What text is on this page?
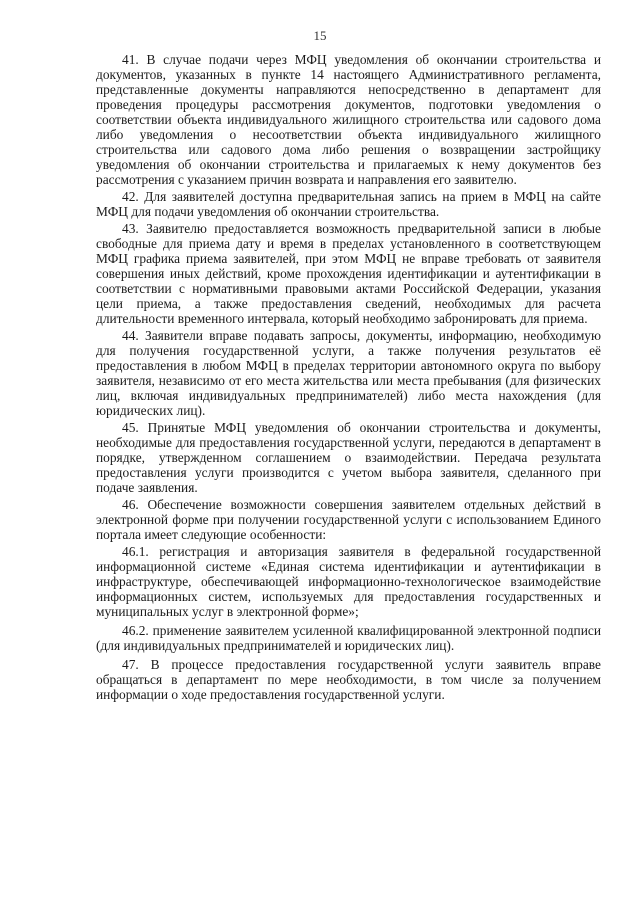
15

41. В случае подачи через МФЦ уведомления об окончании строительства и документов, указанных в пункте 14 настоящего Административного регламента, представленные документы направляются непосредственно в департамент для проведения процедуры рассмотрения документов, подготовки уведомления о соответствии объекта индивидуального жилищного строительства или садового дома либо уведомления о несоответствии объекта индивидуального жилищного строительства или садового дома либо решения о возвращении застройщику уведомления об окончании строительства и прилагаемых к нему документов без рассмотрения с указанием причин возврата и направления его заявителю.

42. Для заявителей доступна предварительная запись на прием в МФЦ на сайте МФЦ для подачи уведомления об окончании строительства.

43. Заявителю предоставляется возможность предварительной записи в любые свободные для приема дату и время в пределах установленного в соответствующем МФЦ графика приема заявителей, при этом МФЦ не вправе требовать от заявителя совершения иных действий, кроме прохождения идентификации и аутентификации в соответствии с нормативными правовыми актами Российской Федерации, указания цели приема, а также предоставления сведений, необходимых для расчета длительности временного интервала, который необходимо забронировать для приема.

44. Заявители вправе подавать запросы, документы, информацию, необходимую для получения государственной услуги, а также получения результатов её предоставления в любом МФЦ в пределах территории автономного округа по выбору заявителя, независимо от его места жительства или места пребывания (для физических лиц, включая индивидуальных предпринимателей) либо места нахождения (для юридических лиц).

45. Принятые МФЦ уведомления об окончании строительства и документы, необходимые для предоставления государственной услуги, передаются в департамент в порядке, утвержденном соглашением о взаимодействии. Передача результата предоставления услуги производится с учетом выбора заявителя, сделанного при подаче заявления.

46. Обеспечение возможности совершения заявителем отдельных действий в электронной форме при получении государственной услуги с использованием Единого портала имеет следующие особенности:

46.1. регистрация и авторизация заявителя в федеральной государственной информационной системе «Единая система идентификации и аутентификации в инфраструктуре, обеспечивающей информационно-технологическое взаимодействие информационных систем, используемых для предоставления государственных и муниципальных услуг в электронной форме»;

46.2. применение заявителем усиленной квалифицированной электронной подписи (для индивидуальных предпринимателей и юридических лиц).

47. В процессе предоставления государственной услуги заявитель вправе обращаться в департамент по мере необходимости, в том числе за получением информации о ходе предоставления государственной услуги.
